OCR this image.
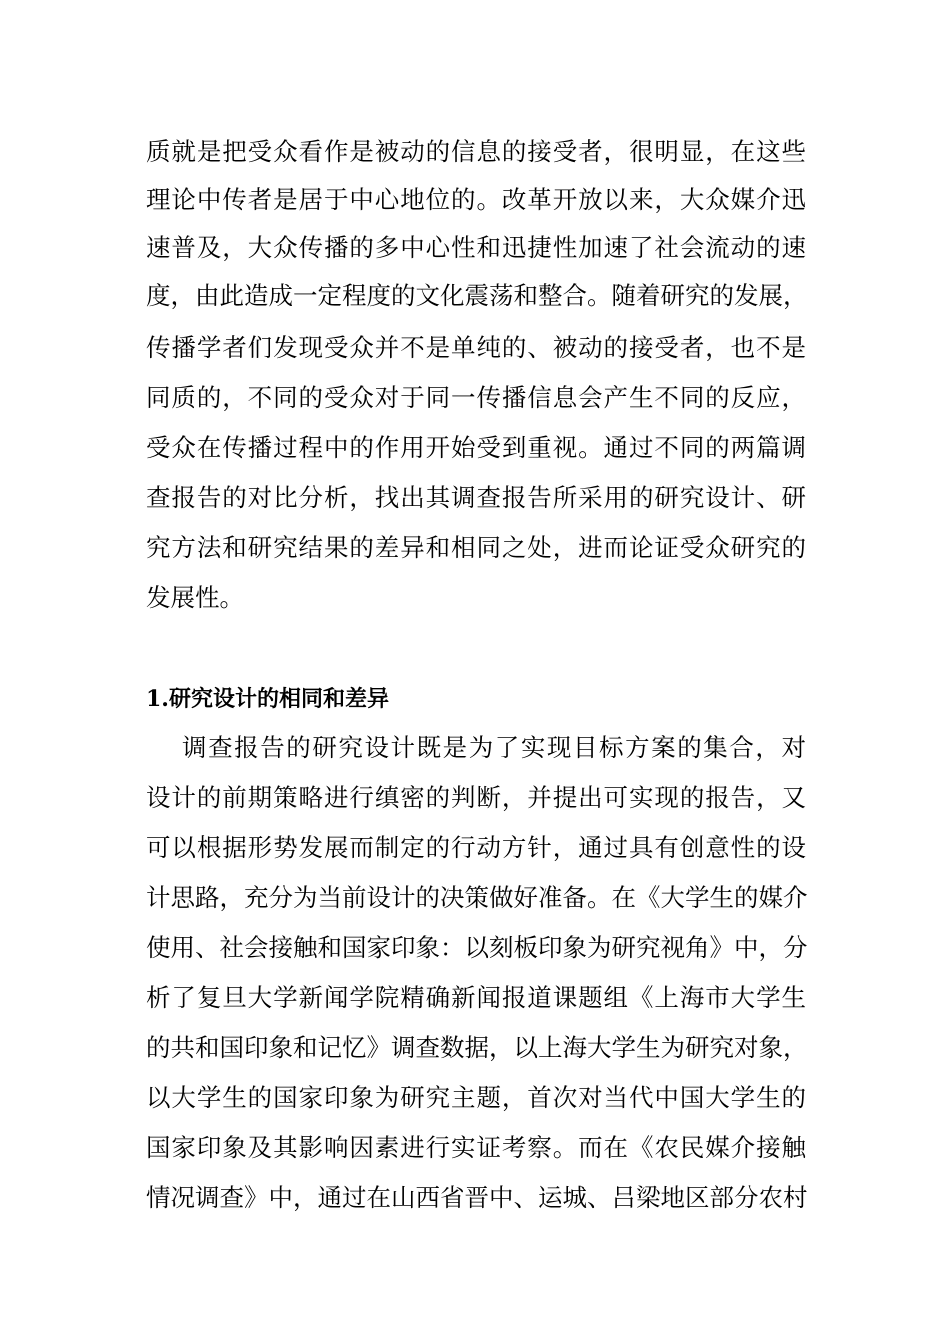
质就是把受众看作是被动的信息的接受者，很明显，在这些
理论中传者是居于中心地位的。改革开放以来，大众媒介迅
速普及，大众传播的多中心性和迅捷性加速了社会流动的速
度，由此造成一定程度的文化震荡和整合。随着研究的发展，
传播学者们发现受众并不是单纯的、被动的接受者，也不是
同质的，不同的受众对于同一传播信息会产生不同的反应，
受众在传播过程中的作用开始受到重视。通过不同的两篇调
查报告的对比分析，找出其调查报告所采用的研究设计、研
究方法和研究结果的差异和相同之处，进而论证受众研究的
发展性。
1.研究设计的相同和差异
调查报告的研究设计既是为了实现目标方案的集合，对
设计的前期策略进行缜密的判断，并提出可实现的报告，又
可以根据形势发展而制定的行动方针，通过具有创意性的设
计思路，充分为当前设计的决策做好准备。在《大学生的媒介
使用、社会接触和国家印象：以刻板印象为研究视角》中，分
析了复旦大学新闻学院精确新闻报道课题组《上海市大学生
的共和国印象和记忆》调查数据，以上海大学生为研究对象，
以大学生的国家印象为研究主题，首次对当代中国大学生的
国家印象及其影响因素进行实证考察。而在《农民媒介接触
情况调查》中，通过在山西省晋中、运城、吕梁地区部分农村
